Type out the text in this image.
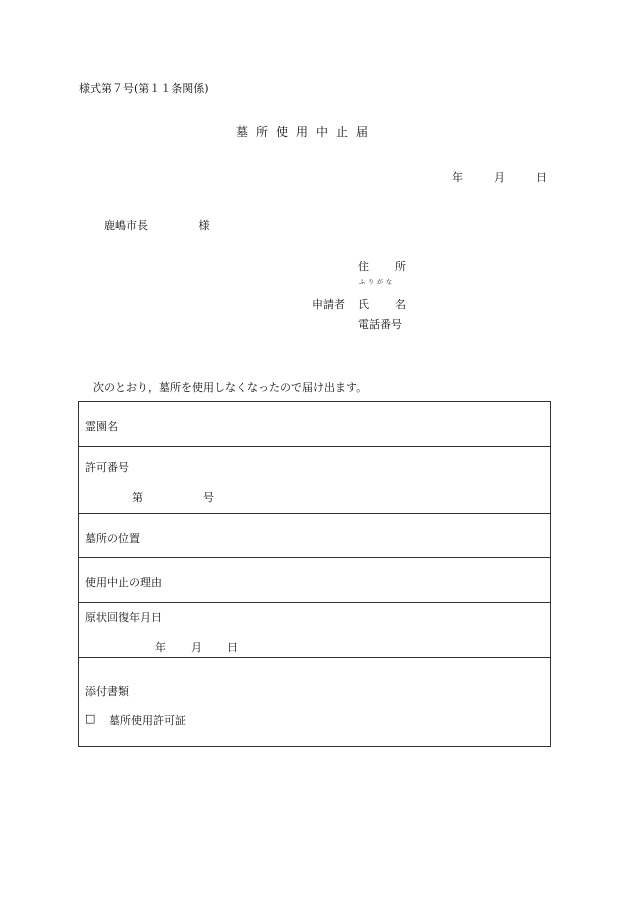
様式第７号(第１１条関係)
墓所使用中止届
年	月	日
鹿嶋市長	様
住 所
ふりがな
申請者 氏 名
電話番号
次のとおり，墓所を使用しなくなったので届け出ます。
霊園名
許可番号
第	号
墓所の位置
使用中止の理由
原状回復年月日
年 月 日
添付書類
□ 墓所使用許可証
